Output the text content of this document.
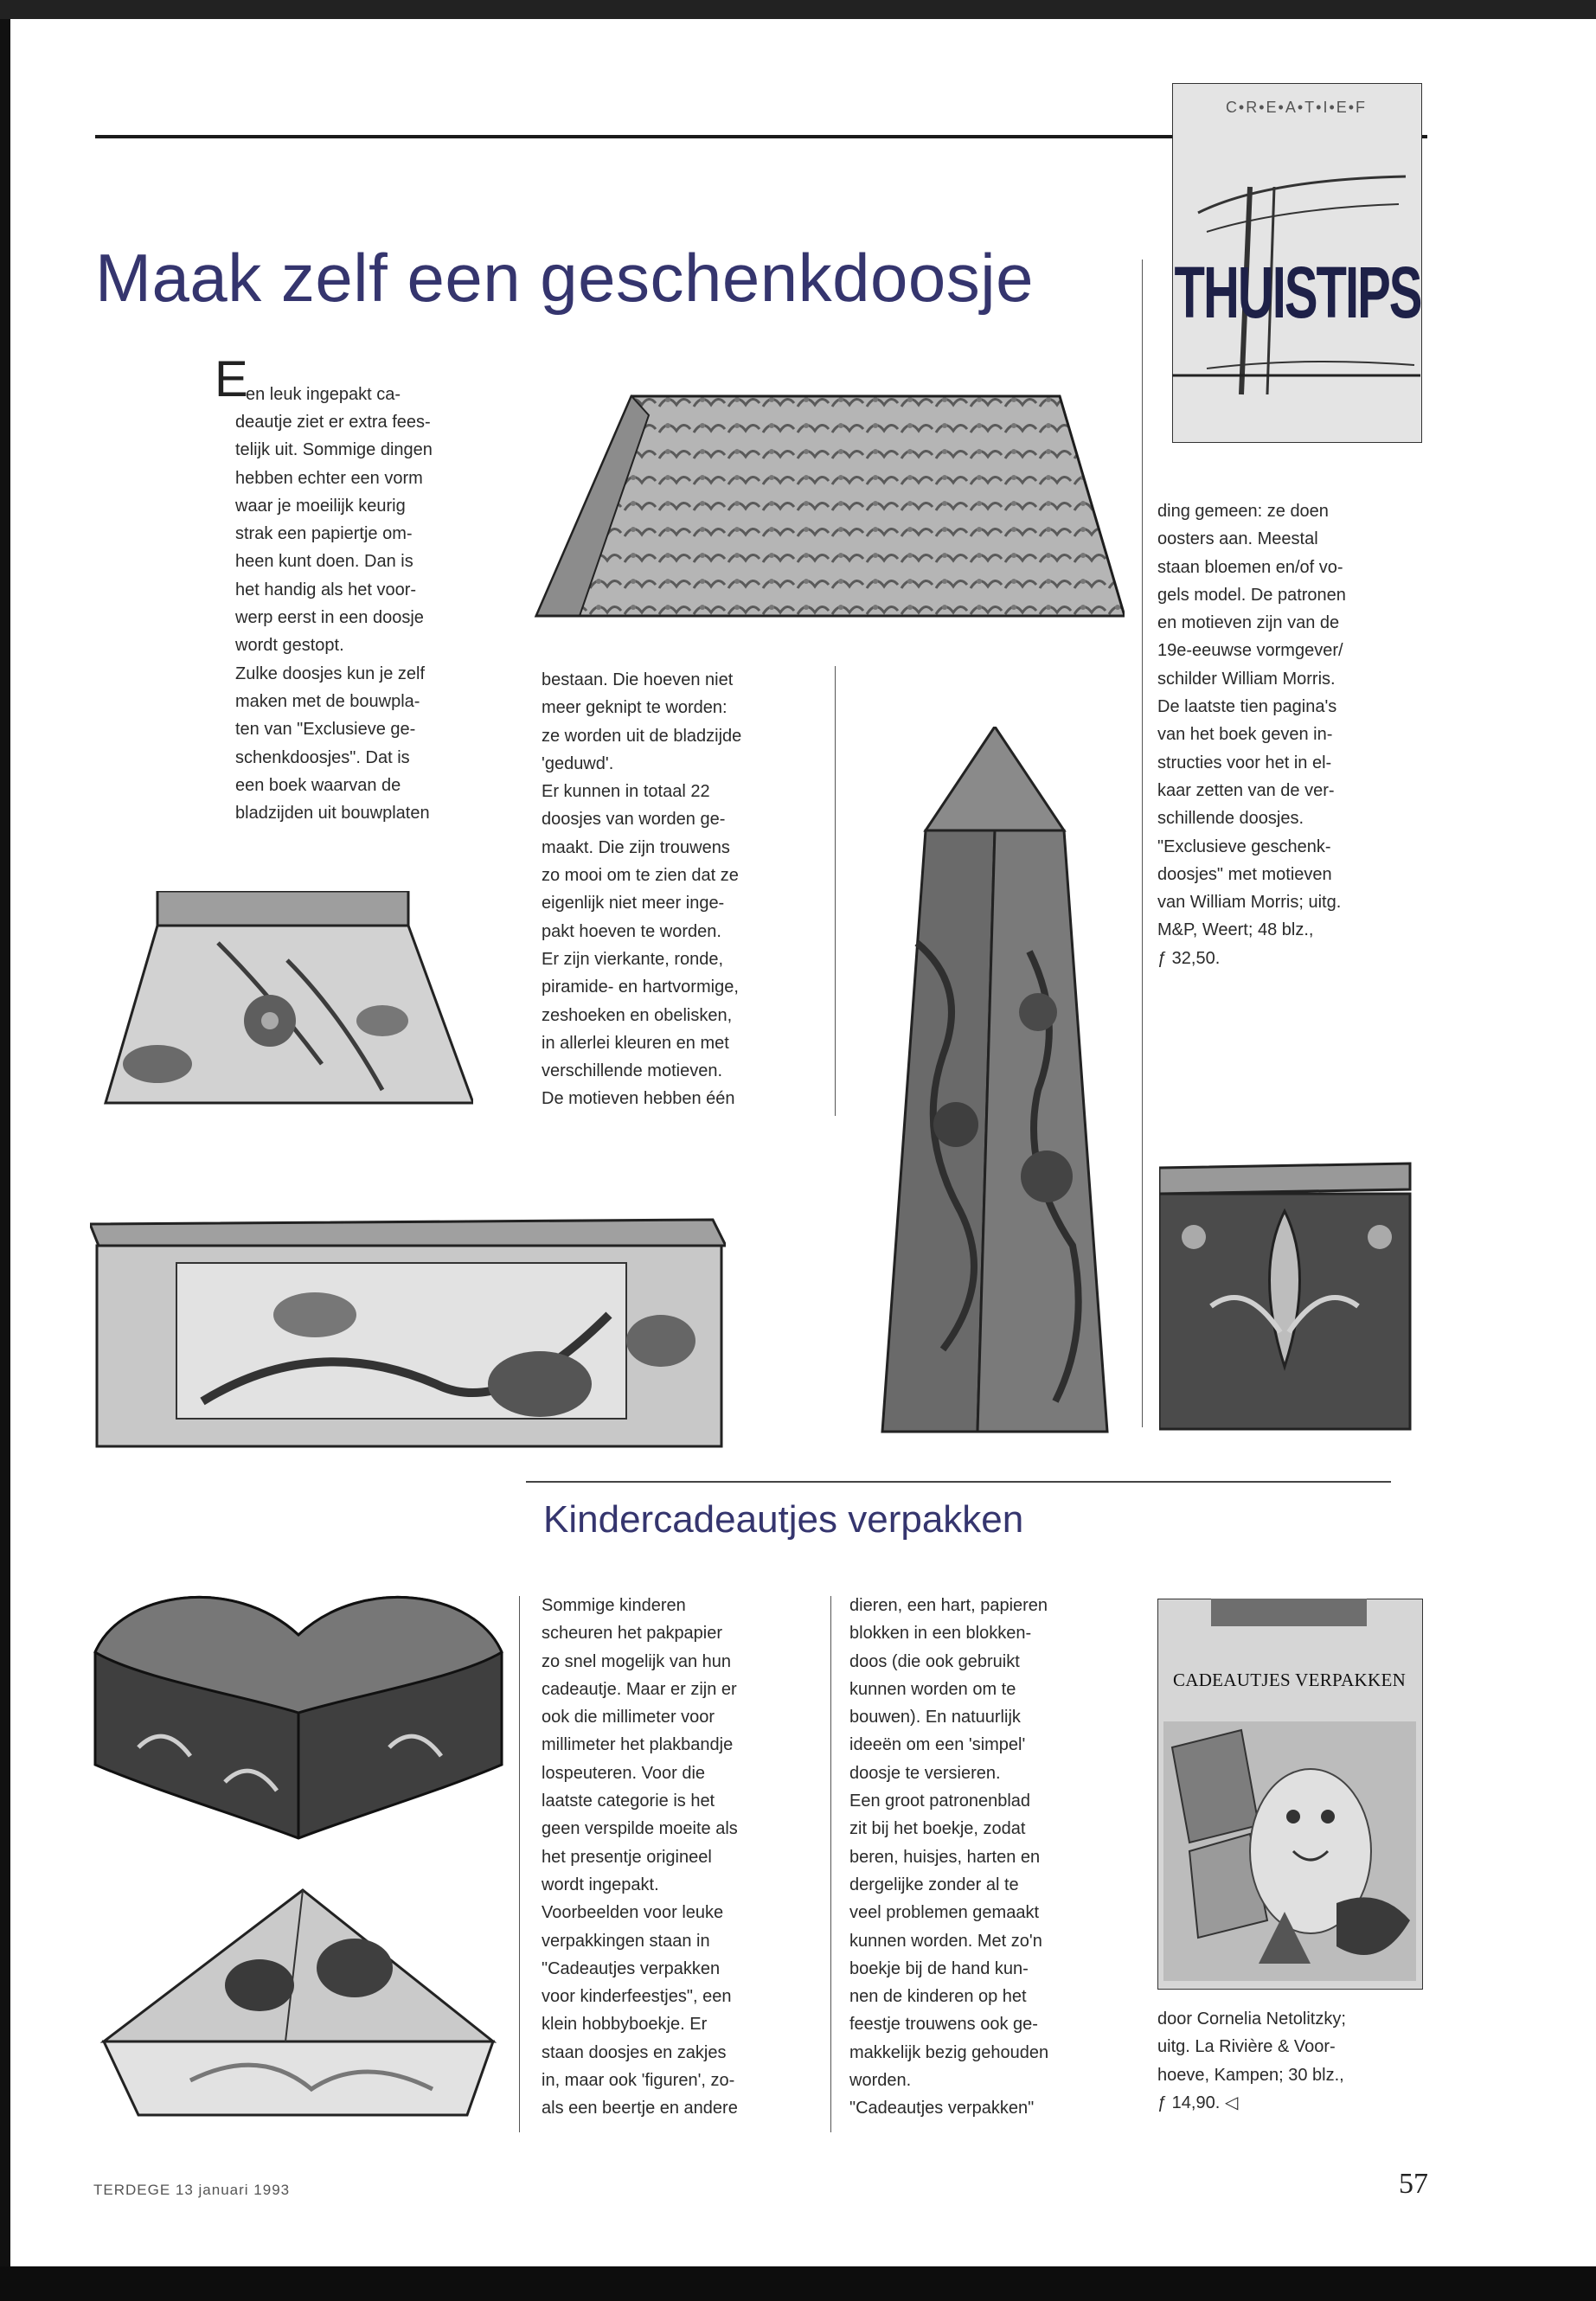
C•R•E•A•T•I•E•F
THUISTIPS
Maak zelf een geschenkdoosje
E

en leuk ingepakt ca-

deautje ziet er extra fees-

telijk uit. Sommige dingen

hebben echter een vorm

waar je moeilijk keurig

strak een papiertje om-

heen kunt doen. Dan is

het handig als het voor-

werp eerst in een doosje

wordt gestopt.

Zulke doosjes kun je zelf

maken met de bouwpla-

ten van "Exclusieve ge-

schenkdoosjes". Dat is

een boek waarvan de

bladzijden uit bouwplaten

bestaan. Die hoeven niet

meer geknipt te worden:

ze worden uit de bladzijde

'geduwd'.

Er kunnen in totaal 22

doosjes van worden ge-

maakt. Die zijn trouwens

zo mooi om te zien dat ze

eigenlijk niet meer inge-

pakt hoeven te worden.

Er zijn vierkante, ronde,

piramide- en hartvormige,

zeshoeken en obelisken,

in allerlei kleuren en met

verschillende motieven.

De motieven hebben één

ding gemeen: ze doen

oosters aan. Meestal

staan bloemen en/of vo-

gels model. De patronen

en motieven zijn van de

19e-eeuwse vormgever/

schilder William Morris.

De laatste tien pagina's

van het boek geven in-

structies voor het in el-

kaar zetten van de ver-

schillende doosjes.

"Exclusieve geschenk-

doosjes" met motieven

van William Morris; uitg.

M&P, Weert; 48 blz.,

ƒ 32,50.

Kindercadeautjes verpakken

Sommige kinderen

scheuren het pakpapier

zo snel mogelijk van hun

cadeautje. Maar er zijn er

ook die millimeter voor

millimeter het plakbandje

lospeuteren. Voor die

laatste categorie is het

geen verspilde moeite als

het presentje origineel

wordt ingepakt.

Voorbeelden voor leuke

verpakkingen staan in

"Cadeautjes verpakken

voor kinderfeestjes", een

klein hobbyboekje. Er

staan doosjes en zakjes

in, maar ook 'figuren', zo-

als een beertje en andere

dieren, een hart, papieren

blokken in een blokken-

doos (die ook gebruikt

kunnen worden om te

bouwen). En natuurlijk

ideeën om een 'simpel'

doosje te versieren.

Een groot patronenblad

zit bij het boekje, zodat

beren, huisjes, harten en

dergelijke zonder al te

veel problemen gemaakt

kunnen worden. Met zo'n

boekje bij de hand kun-

nen de kinderen op het

feestje trouwens ook ge-

makkelijk bezig gehouden

worden.

"Cadeautjes verpakken"

CADEAUTJES VERPAKKEN

door Cornelia Netolitzky;

uitg. La Rivière & Voor-

hoeve, Kampen; 30 blz.,

ƒ 14,90. ◁

TERDEGE 13 januari 1993	57
